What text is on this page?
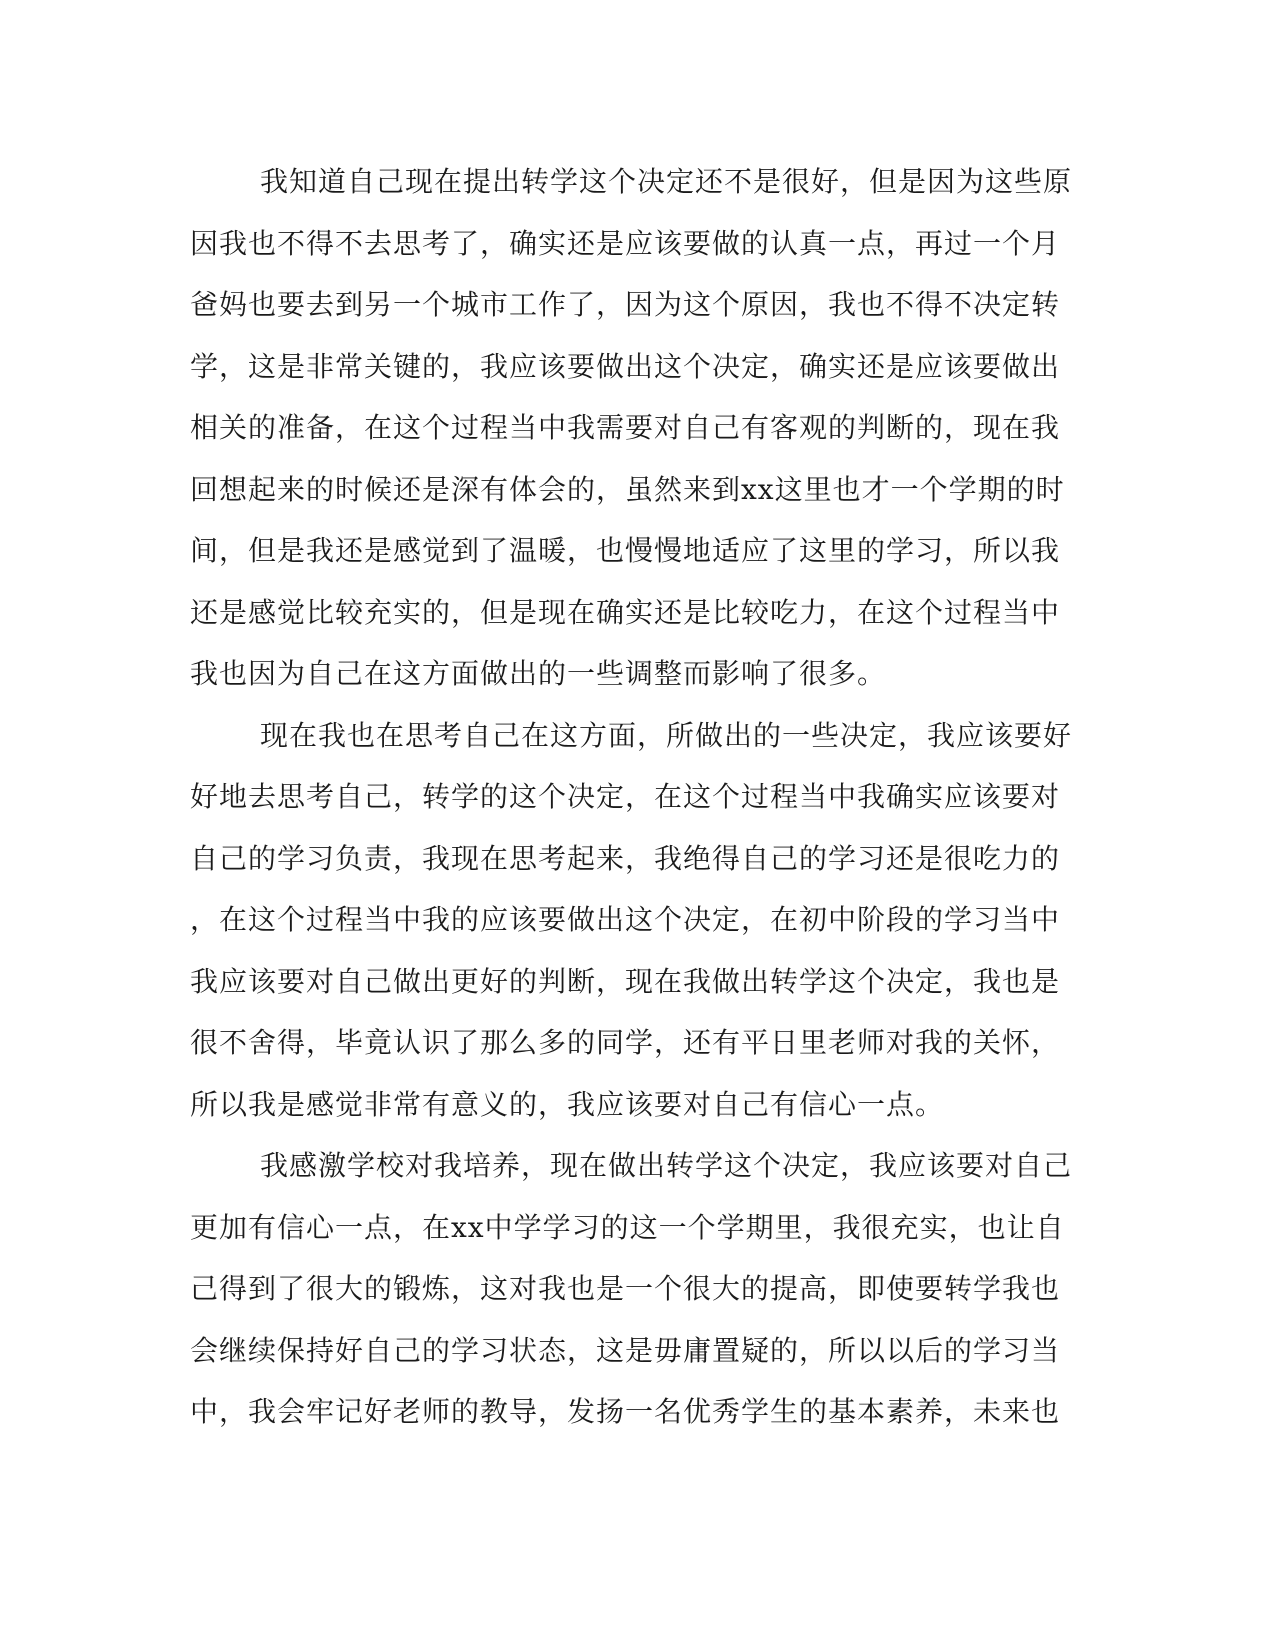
我知道自己现在提出转学这个决定还不是很好，但是因为这些原
因我也不得不去思考了，确实还是应该要做的认真一点，再过一个月
爸妈也要去到另一个城市工作了，因为这个原因，我也不得不决定转
学，这是非常关键的，我应该要做出这个决定，确实还是应该要做出
相关的准备，在这个过程当中我需要对自己有客观的判断的，现在我
回想起来的时候还是深有体会的，虽然来到xx这里也才一个学期的时
间，但是我还是感觉到了温暖，也慢慢地适应了这里的学习，所以我
还是感觉比较充实的，但是现在确实还是比较吃力，在这个过程当中
我也因为自己在这方面做出的一些调整而影响了很多。
现在我也在思考自己在这方面，所做出的一些决定，我应该要好
好地去思考自己，转学的这个决定，在这个过程当中我确实应该要对
自己的学习负责，我现在思考起来，我绝得自己的学习还是很吃力的
，在这个过程当中我的应该要做出这个决定，在初中阶段的学习当中
我应该要对自己做出更好的判断，现在我做出转学这个决定，我也是
很不舍得，毕竟认识了那么多的同学，还有平日里老师对我的关怀，
所以我是感觉非常有意义的，我应该要对自己有信心一点。
我感激学校对我培养，现在做出转学这个决定，我应该要对自己
更加有信心一点，在xx中学学习的这一个学期里，我很充实，也让自
己得到了很大的锻炼，这对我也是一个很大的提高，即使要转学我也
会继续保持好自己的学习状态，这是毋庸置疑的，所以以后的学习当
中，我会牢记好老师的教导，发扬一名优秀学生的基本素养，未来也
